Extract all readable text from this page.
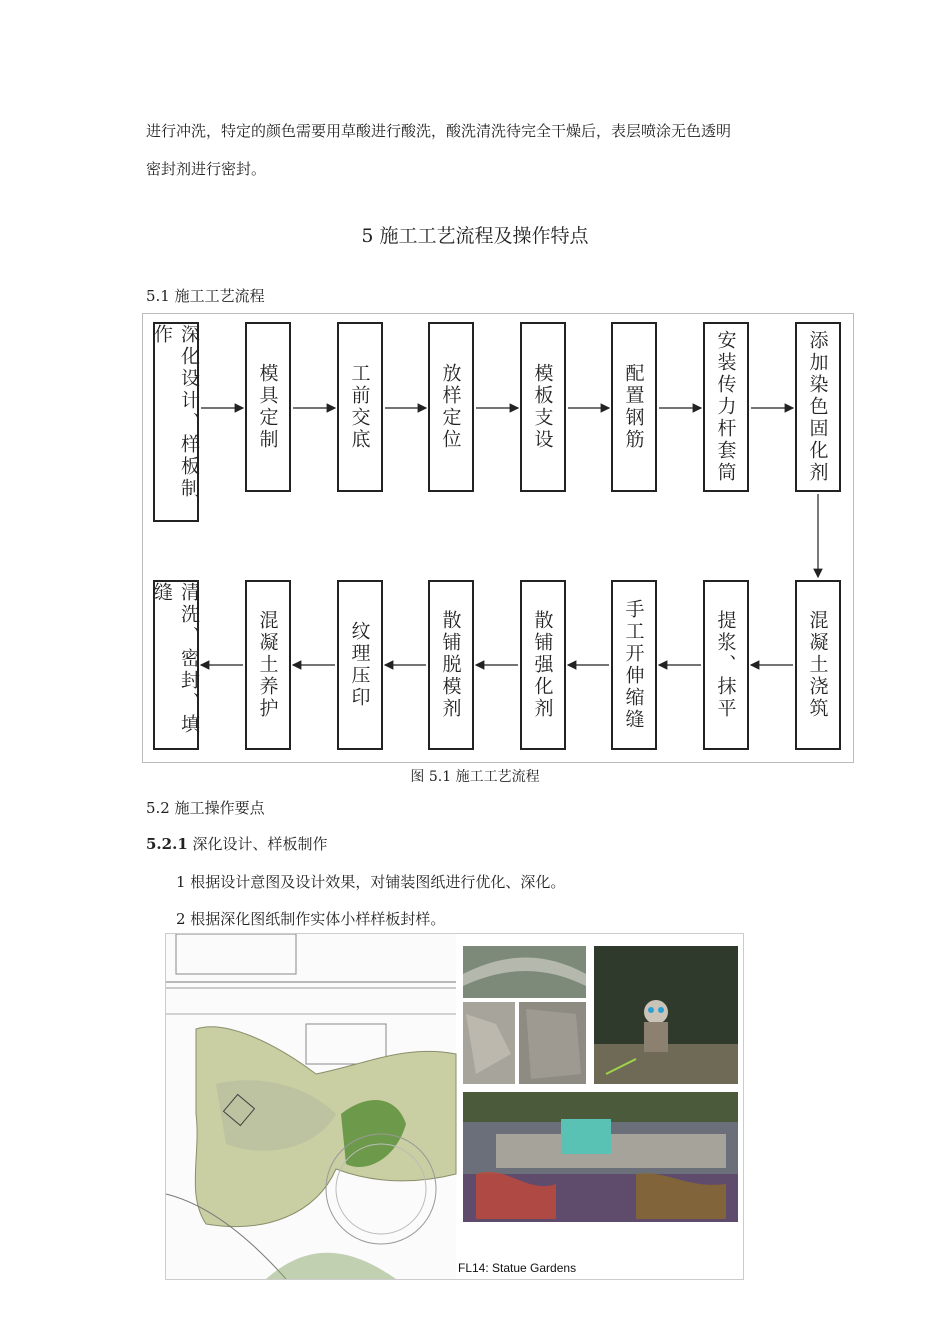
进行冲洗，特定的颜色需要用草酸进行酸洗，酸洗清洗待完全干燥后，表层喷涂无色透明
密封剂进行密封。
5 施工工艺流程及操作特点
5.1 施工工艺流程
深化设计、样板制作
模具定制	工前交底	放样定位	模板支设	配置钢筋	安装传力杆套筒	添加染色固化剂
混凝土浇筑
提浆、抹平
手工开伸缩缝
散铺强化剂
散铺脱模剂
纹理压印
混凝土养护
清洗、密封、填缝
图 5.1 施工工艺流程
5.2 施工操作要点
5.2.1 深化设计、样板制作
1 根据设计意图及设计效果，对铺装图纸进行优化、深化。
2 根据深化图纸制作实体小样样板封样。
FL14: Statue Gardens
